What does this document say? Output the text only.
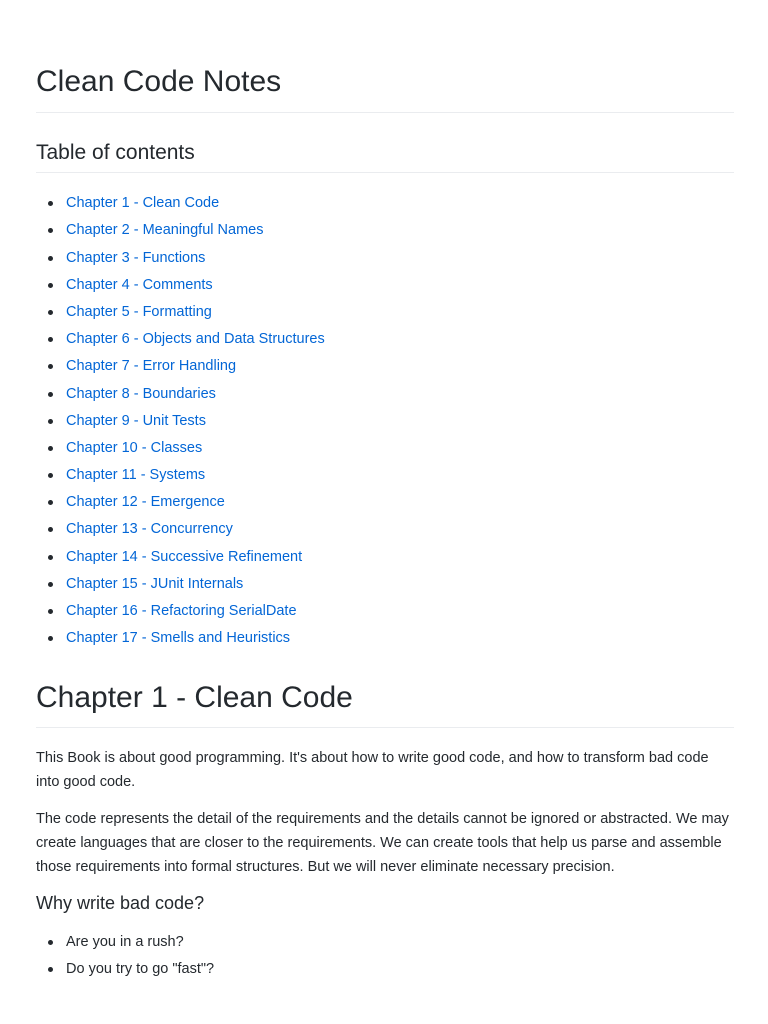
Clean Code Notes
Table of contents
Chapter 1 - Clean Code
Chapter 2 - Meaningful Names
Chapter 3 - Functions
Chapter 4 - Comments
Chapter 5 - Formatting
Chapter 6 - Objects and Data Structures
Chapter 7 - Error Handling
Chapter 8 - Boundaries
Chapter 9 - Unit Tests
Chapter 10 - Classes
Chapter 11 - Systems
Chapter 12 - Emergence
Chapter 13 - Concurrency
Chapter 14 - Successive Refinement
Chapter 15 - JUnit Internals
Chapter 16 - Refactoring SerialDate
Chapter 17 - Smells and Heuristics
Chapter 1 - Clean Code

This Book is about good programming. It's about how to write good code, and how to transform bad code into good code.

The code represents the detail of the requirements and the details cannot be ignored or abstracted. We may create languages that are closer to the requirements. We can create tools that help us parse and assemble those requirements into formal structures. But we will never eliminate necessary precision.

Why write bad code?
Are you in a rush?
Do you try to go "fast"?
